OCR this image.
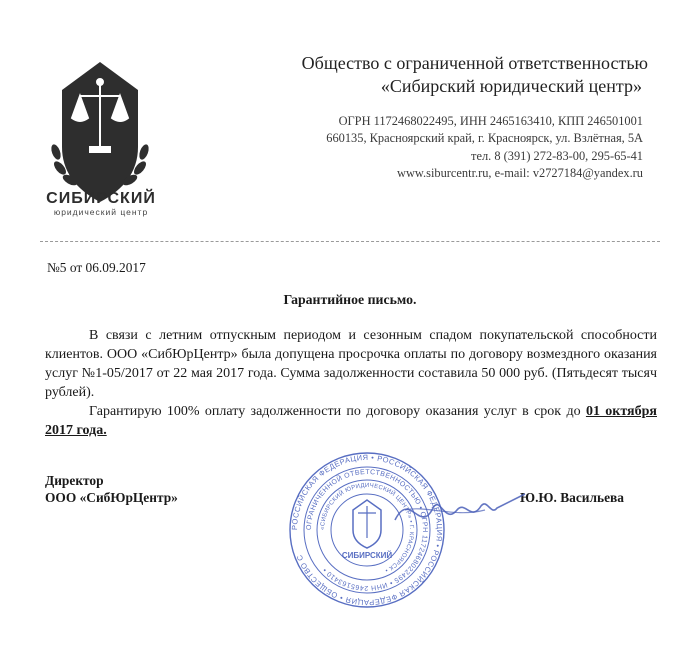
СИБИРСКИЙ
юридический центр
Общество с ограниченной ответственностью
«Сибирский юридический центр»
ОГРН 1172468022495, ИНН 2465163410, КПП 246501001
660135, Красноярский край, г. Красноярск, ул. Взлётная, 5А
тел. 8 (391) 272-83-00, 295-65-41
www.siburcentr.ru, e-mail: v2727184@yandex.ru
№5 от 06.09.2017
Гарантийное письмо.

В связи с летним отпускным периодом и сезонным спадом покупательской способности клиентов. ООО «СибЮрЦентр» была допущена просрочка оплаты по договору возмездного оказания услуг №1-05/2017 от 22 мая 2017 года. Сумма задолженности составила 50 000 руб. (Пятьдесят тысяч рублей).

Гарантирую 100% оплату задолженности по договору оказания услуг в срок до 01 октября 2017 года.

Директор
ООО «СибЮрЦентр»	Ю.Ю. Васильева
РОССИЙСКАЯ ФЕДЕРАЦИЯ • РОССИЙСКАЯ ФЕДЕРАЦИЯ • РОССИЙСКАЯ ФЕДЕРАЦИЯ • ОБЩЕСТВО С
ОГРАНИЧЕННОЙ ОТВЕТСТВЕННОСТЬЮ • ОГРН 1172468022495 • ИНН 2465163410 •
«СИБИРСКИЙ ЮРИДИЧЕСКИЙ ЦЕНТР» • Г. КРАСНОЯРСК •
СИБИРСКИЙ
